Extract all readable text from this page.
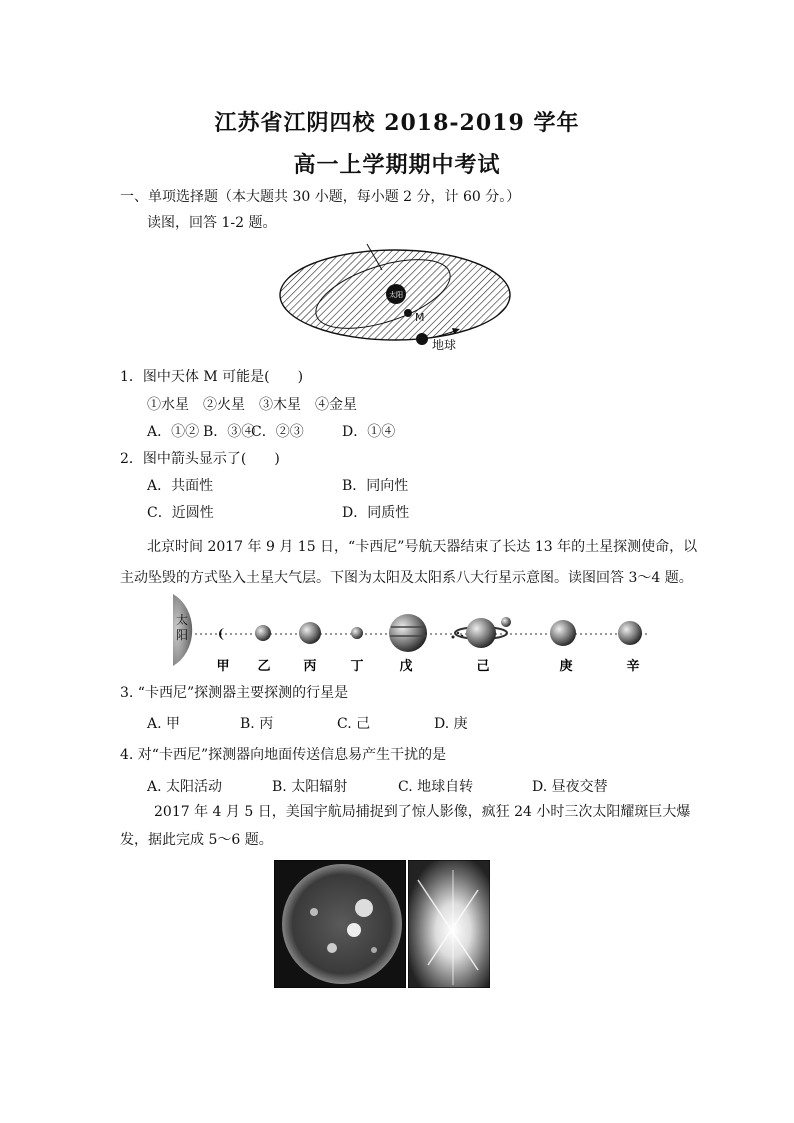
江苏省江阴四校 2018-2019 学年
高一上学期期中考试
一、单项选择题（本大题共 30 小题，每小题 2 分，计 60 分。）
读图，回答 1-2 题。
太阳
M
地球
1．图中天体 M 可能是(　　)
①水星　②火星　③木星　④金星
A．①② B．③④
C．②③	D．①④
2．图中箭头显示了(　　)
A．共面性	B．同向性
C．近圆性	D．同质性
北京时间 2017 年 9 月 15 日，“卡西尼”号航天器结束了长达 13 年的土星探测使命，以
主动坠毁的方式坠入土星大气层。下图为太阳及太阳系八大行星示意图。读图回答 3～4 题。
太
阳
甲 乙	丙	丁	戊	己	庚	辛
3. “卡西尼”探测器主要探测的行星是
A. 甲	B. 丙	C. 己	D. 庚
4. 对“卡西尼”探测器向地面传送信息易产生干扰的是
A. 太阳活动	B. 太阳辐射	C. 地球自转	D. 昼夜交替
2017 年 4 月 5 日，美国宇航局捕捉到了惊人影像，疯狂 24 小时三次太阳耀斑巨大爆
发，据此完成 5～6 题。
